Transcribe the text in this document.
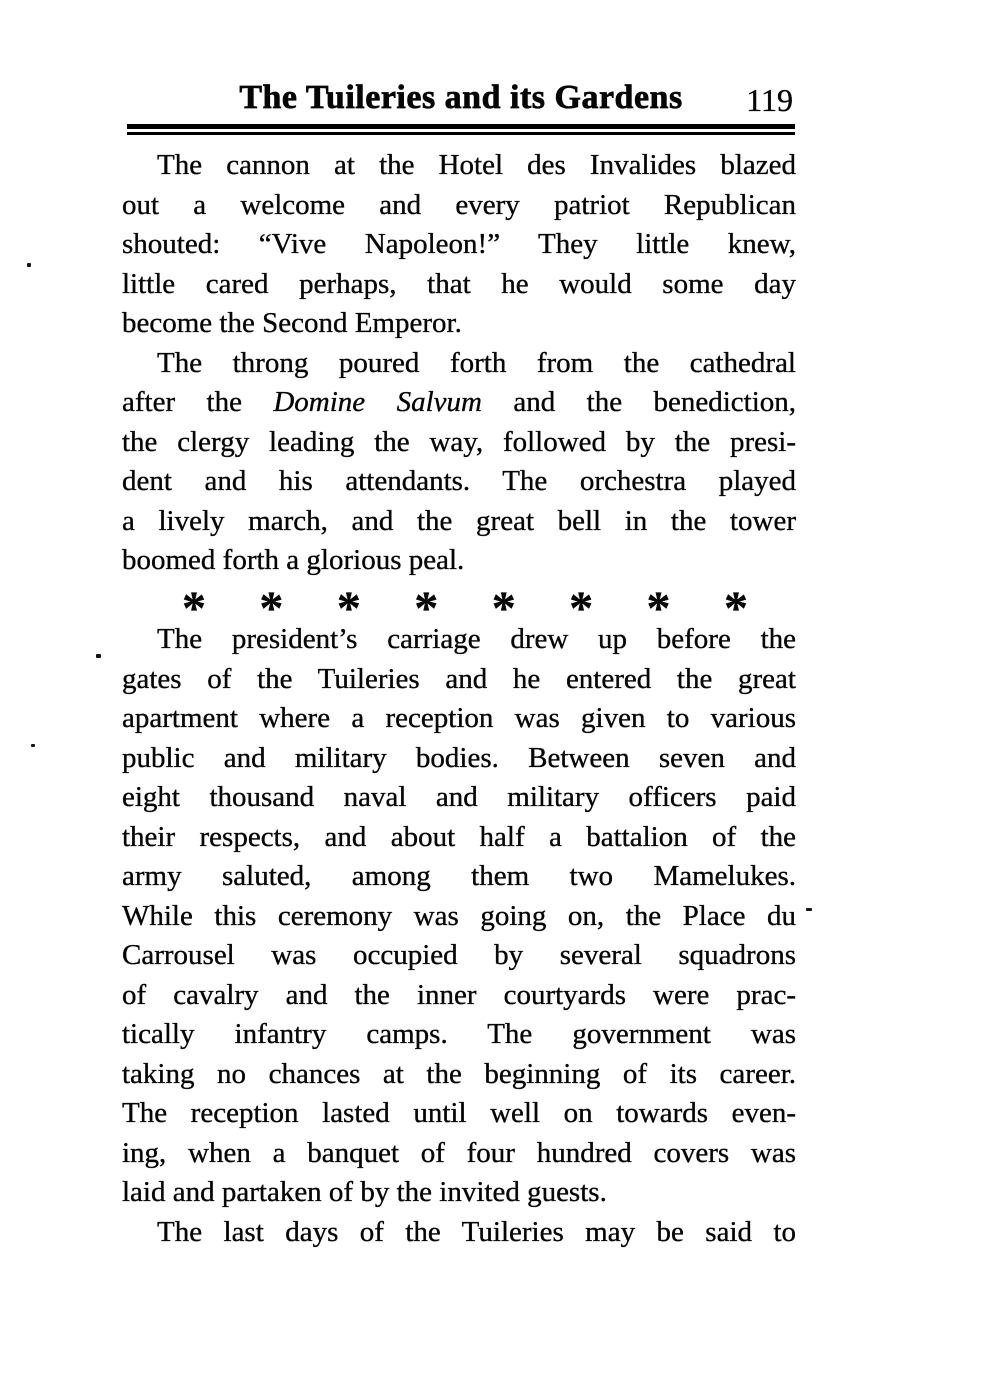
The Tuileries and its Gardens	119
The cannon at the Hotel des Invalides blazed
out a welcome and every patriot Republican
shouted: “Vive Napoleon!” They little knew,
little cared perhaps, that he would some day
become the Second Emperor.
The throng poured forth from the cathedral
after the Domine Salvum and the benediction,
the clergy leading the way, followed by the presi-
dent and his attendants. The orchestra played
a lively march, and the great bell in the tower
boomed forth a glorious peal.
* * * * * * * *
The president’s carriage drew up before the
gates of the Tuileries and he entered the great
apartment where a reception was given to various
public and military bodies. Between seven and
eight thousand naval and military officers paid
their respects, and about half a battalion of the
army saluted, among them two Mamelukes.
While this ceremony was going on, the Place du
Carrousel was occupied by several squadrons
of cavalry and the inner courtyards were prac-
tically infantry camps. The government was
taking no chances at the beginning of its career.
The reception lasted until well on towards even-
ing, when a banquet of four hundred covers was
laid and partaken of by the invited guests.
The last days of the Tuileries may be said to
